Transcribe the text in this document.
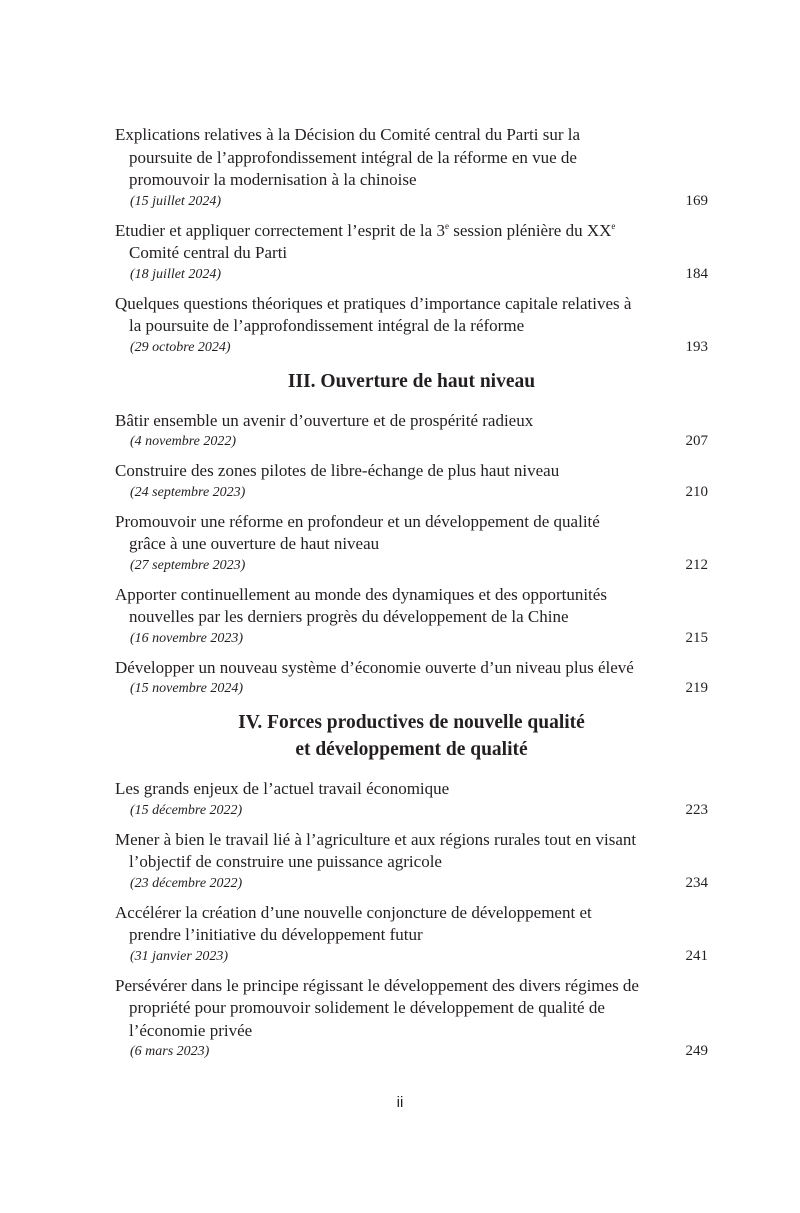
Explications relatives à la Décision du Comité central du Parti sur la poursuite de l’approfondissement intégral de la réforme en vue de promouvoir la modernisation à la chinoise
(15 juillet 2024)	169
Etudier et appliquer correctement l’esprit de la 3e session plénière du XXe Comité central du Parti
(18 juillet 2024)	184
Quelques questions théoriques et pratiques d’importance capitale relatives à la poursuite de l’approfondissement intégral de la réforme
(29 octobre 2024)	193
III. Ouverture de haut niveau
Bâtir ensemble un avenir d’ouverture et de prospérité radieux
(4 novembre 2022)	207
Construire des zones pilotes de libre-échange de plus haut niveau
(24 septembre 2023)	210
Promouvoir une réforme en profondeur et un développement de qualité grâce à une ouverture de haut niveau
(27 septembre 2023)	212
Apporter continuellement au monde des dynamiques et des opportunités nouvelles par les derniers progrès du développement de la Chine
(16 novembre 2023)	215
Développer un nouveau système d’économie ouverte d’un niveau plus élevé
(15 novembre 2024)	219
IV. Forces productives de nouvelle qualité
et développement de qualité
Les grands enjeux de l’actuel travail économique
(15 décembre 2022)	223
Mener à bien le travail lié à l’agriculture et aux régions rurales tout en visant l’objectif de construire une puissance agricole
(23 décembre 2022)	234
Accélérer la création d’une nouvelle conjoncture de développement et prendre l’initiative du développement futur
(31 janvier 2023)	241
Persévérer dans le principe régissant le développement des divers régimes de propriété pour promouvoir solidement le développement de qualité de l’économie privée
(6 mars 2023)	249
ii
